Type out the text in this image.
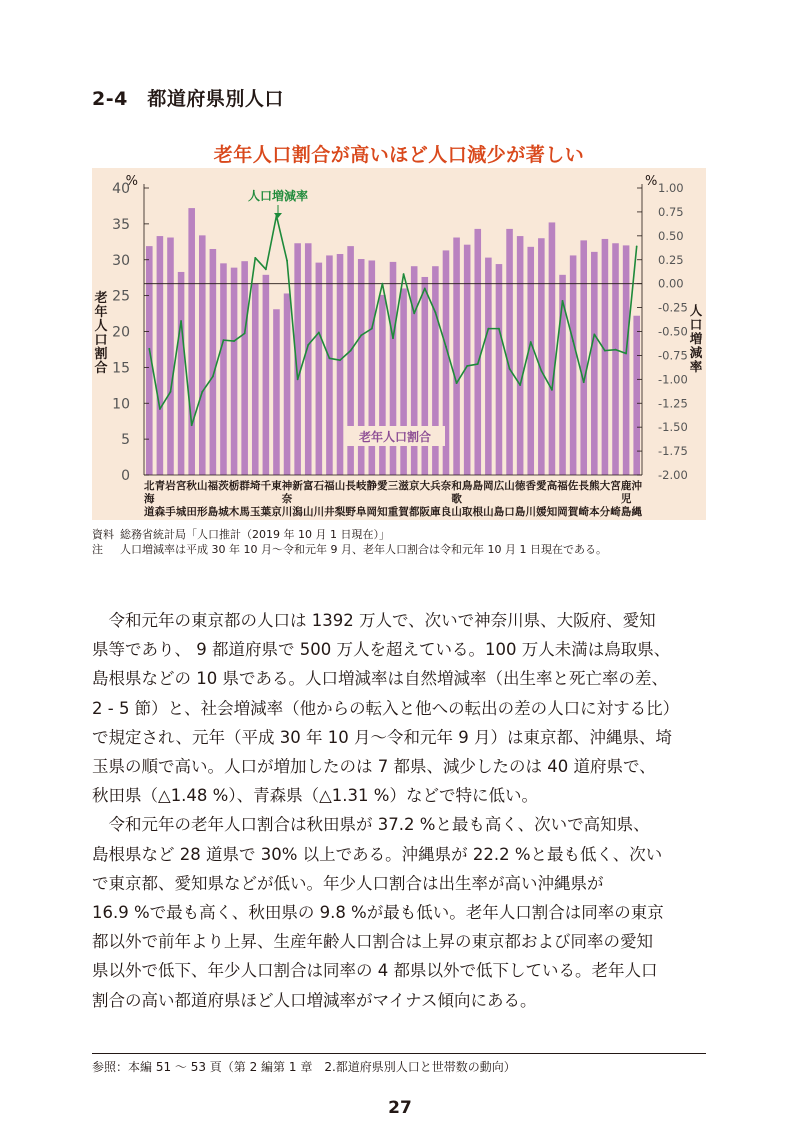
2-4　都道府県別人口
老年人口割合が高いほど人口減少が著しい
0
5
10
15
20
25
30
35
40	1.00
0.75
0.50
0.25
0.00
-0.25
-0.50
-0.75
-1.00
-1.25
-1.50
-1.75
-2.00
%	%
老
年
人
口
割
合
人
口
増
減
率
北 青 岩 宮 秋 山 福 茨 栃 群 埼 千 東 神 新 富 石 福 山 長 岐 静 愛 三 滋 京 大 兵 奈 和 鳥 島 岡 広 山 徳 香 愛 高 福 佐 長 熊 大 宮 鹿 沖
海	奈	歌	児
道 森 手 城 田 形 島 城 木 馬 玉 葉 京 川 潟 山 川 井 梨 野 阜 岡 知 重 賀 都 阪 庫 良 山 取 根 山 島 口 島 川 媛 知 岡 賀 崎 本 分 崎 島 縄
人口増減率
老年人口割合
資料 総務省統計局「人口推計（2019 年 10 月 1 日現在）」
注 人口増減率は平成 30 年 10 月～令和元年 9 月、老年人口割合は令和元年 10 月 1 日現在である。

令和元年の東京都の人口は 1392 万人で、次いで神奈川県、大阪府、愛知
県等であり、 9 都道府県で 500 万人を超えている。100 万人未満は鳥取県、
島根県などの 10 県である。人口増減率は自然増減率（出生率と死亡率の差、
2 - 5 節）と、社会増減率（他からの転入と他への転出の差の人口に対する比）
で規定され、元年（平成 30 年 10 月～令和元年 9 月）は東京都、沖縄県、埼
玉県の順で高い。人口が増加したのは 7 都県、減少したのは 40 道府県で、
秋田県（△1.48 %）、青森県（△1.31 %）などで特に低い。

令和元年の老年人口割合は秋田県が 37.2 %と最も高く、次いで高知県、
島根県など 28 道県で 30% 以上である。沖縄県が 22.2 %と最も低く、次い
で東京都、愛知県などが低い。年少人口割合は出生率が高い沖縄県が
16.9 %で最も高く、秋田県の 9.8 %が最も低い。老年人口割合は同率の東京
都以外で前年より上昇、生産年齢人口割合は上昇の東京都および同率の愛知
県以外で低下、年少人口割合は同率の 4 都県以外で低下している。老年人口
割合の高い都道府県ほど人口増減率がマイナス傾向にある。

参照：本編 51 ～ 53 頁（第 2 編第 1 章　2.都道府県別人口と世帯数の動向）
27
